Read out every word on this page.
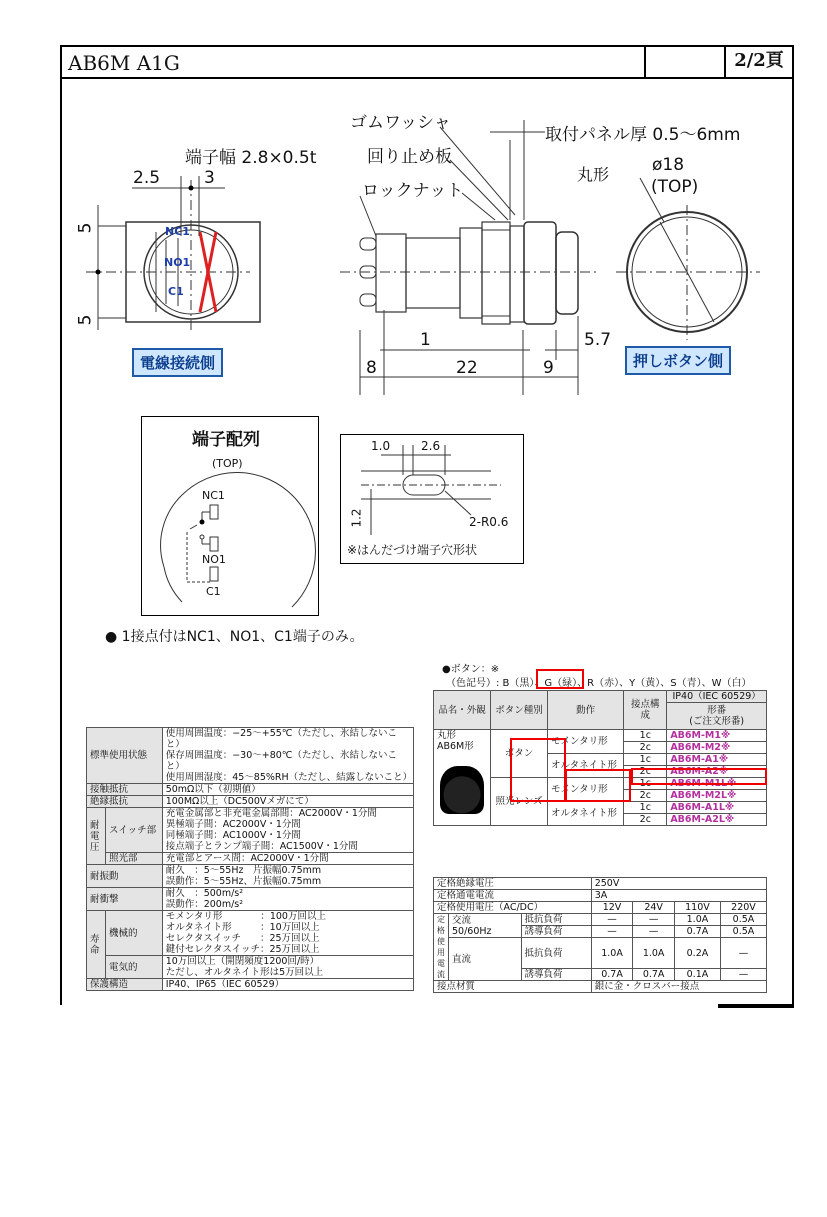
AB6M A1G	2/2頁
ゴムワッシャ
取付パネル厚 0.5～6mm
端子幅 2.8×0.5t	回り止め板
丸形	ø18
(TOP)
ロックナット
2.5	3
5
5
NC1
NO1
C1
1	5.7
8	22	9
電線接続側	押しボタン側
端子配列
(TOP)
NC1
NO1
C1
1.0	2.6
1.2	2-R0.6
※はんだづけ端子穴形状
● 1接点付はNC1、NO1、C1端子のみ。
●ボタン：※
（色記号）: B（黒）、G（緑）、R（赤）、Y（黄）、S（青）、W（白）
標準使用状態		使用周囲温度：−25～+55℃（ただし、氷結しないこと）
保存周囲温度：−30～+80℃（ただし、氷結しないこと）
使用周囲湿度：45～85%RH（ただし、結露しないこと）
接触抵抗		50mΩ以下（初期値）
絶縁抵抗		100MΩ以上（DC500Vメガにて）
耐電圧	スイッチ部	充電金属部と非充電金属部間：AC2000V・1分間
異極端子間：AC2000V・1分間
同極端子間：AC1000V・1分間
接点端子とランプ端子間：AC1500V・1分間
	照光部	充電部とアース間：AC2000V・1分間
耐振動		耐久　：5～55Hz　片振幅0.75mm
誤動作：5～55Hz、片振幅0.75mm
耐衝撃		耐久　：500m/s²
誤動作：200m/s²
寿命	機械的	モメンタリ形　　　　：100万回以上
オルタネイト形　　　：10万回以上
セレクタスイッチ　　：25万回以上
鍵付セレクタスイッチ：25万回以上
	電気的	10万回以上（開閉頻度1200回/時）
ただし、オルタネイト形は5万回以上
保護構造		IP40、IP65（IEC 60529）
品名・外観	ボタン種別	動作	接点構成	IP40（IEC 60529）
				形番
(ご注文形番)
丸形
AB6M形	ボタン	モメンタリ形	1c	AB6M-M1※
			2c	AB6M-M2※
		オルタネイト形	1c	AB6M-A1※
			2c	AB6M-A2※
	照光レンズ	モメンタリ形	1c	AB6M-M1L※
			2c	AB6M-M2L※
		オルタネイト形	1c	AB6M-A1L※
			2c	AB6M-A2L※
定格絶縁電圧			250V			
定格通電電流			3A			
定格使用電圧（AC/DC）			12V	24V	110V	220V
定格使用電流	交流
50/60Hz	抵抗負荷	—	—	1.0A	0.5A
		誘導負荷	—	—	0.7A	0.5A
	直流	抵抗負荷	1.0A	1.0A	0.2A	—
		誘導負荷	0.7A	0.7A	0.1A	—
接点材質			銀に金・クロスバー接点			
